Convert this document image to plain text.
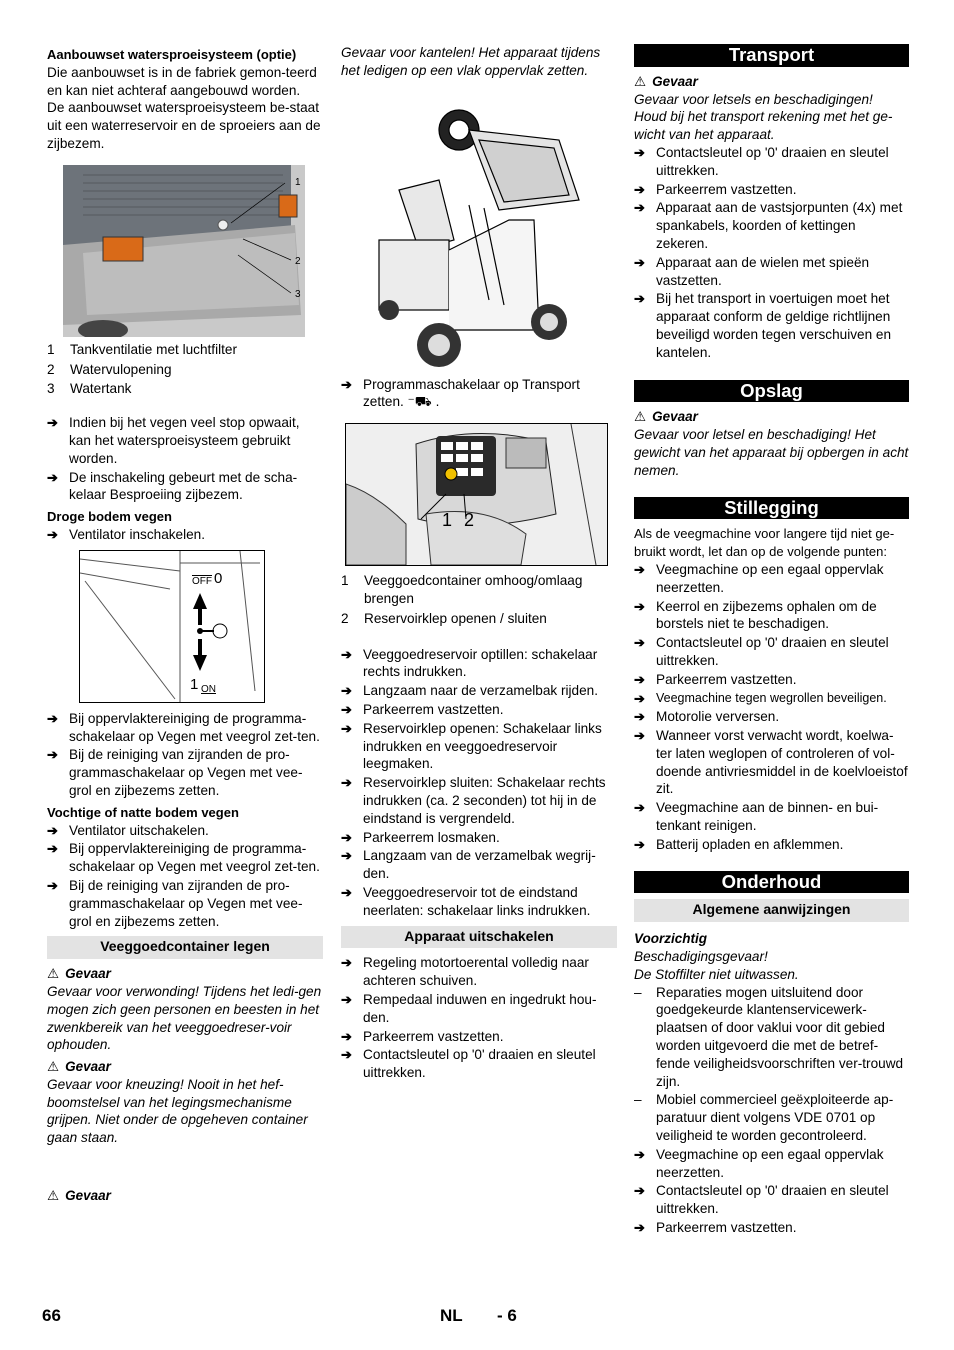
Aanbouwset watersproeisysteem (optie)

Die aanbouwset is in de fabriek gemon-teerd en kan niet achteraf aangebouwd worden.

De aanbouwset watersproeisysteem be-staat uit een waterreservoir en de sproeiers aan de zijbezem.

1
2
3
1	Tankventilatie met luchtfilter
2	Watervulopening
3	Watertank
➔ Indien bij het vegen veel stop opwaait, kan het watersproeisysteem gebruikt worden.
➔ De inschakeling gebeurt met de scha-kelaar Besproeiing zijbezem.
Droge bodem vegen
➔ Ventilator inschakelen.
$\overline{OFF}$ 0
1 ON
➔ Bij oppervlaktereiniging de programma-schakelaar op Vegen met veegrol zet-ten.
➔ Bij de reiniging van zijranden de pro-grammaschakelaar op Vegen met vee-grol en zijbezems zetten.
Vochtige of natte bodem vegen
➔ Ventilator uitschakelen.
➔ Bij oppervlaktereiniging de programma-schakelaar op Vegen met veegrol zet-ten.
➔ Bij de reiniging van zijranden de pro-grammaschakelaar op Vegen met vee-grol en zijbezems zetten.
Veeggoedcontainer legen
⚠ Gevaar

Gevaar voor verwonding! Tijdens het ledi-gen mogen zich geen personen en beesten in het zwenkbereik van het veeggoedreser-voir ophouden.

⚠ Gevaar

Gevaar voor kneuzing! Nooit in het hef-boomstelsel van het legingsmechanisme grijpen. Niet onder de opgeheven container gaan staan.

⚠ Gevaar

Gevaar voor kantelen! Het apparaat tijdens het ledigen op een vlak oppervlak zetten.

➔ Programmaschakelaar op Transport zetten. ⁻⛟ .
1 2
1	Veeggoedcontainer omhoog/omlaag brengen
2	Reservoirklep openen / sluiten
➔ Veeggoedreservoir optillen: schakelaar rechts indrukken.
➔ Langzaam naar de verzamelbak rijden.
➔ Parkeerrem vastzetten.
➔ Reservoirklep openen: Schakelaar links indrukken en veeggoedreservoir leegmaken.
➔ Reservoirklep sluiten: Schakelaar rechts indrukken (ca. 2 seconden) tot hij in de eindstand is vergrendeld.
➔ Parkeerrem losmaken.
➔ Langzaam van de verzamelbak wegrij-den.
➔ Veeggoedreservoir tot de eindstand neerlaten: schakelaar links indrukken.
Apparaat uitschakelen
➔ Regeling motortoerental volledig naar achteren schuiven.
➔ Rempedaal induwen en ingedrukt hou-den.
➔ Parkeerrem vastzetten.
➔ Contactsleutel op '0' draaien en sleutel uittrekken.
Transport
⚠ Gevaar

Gevaar voor letsels en beschadigingen! Houd bij het transport rekening met het ge-wicht van het apparaat.

➔ Contactsleutel op '0' draaien en sleutel uittrekken.
➔ Parkeerrem vastzetten.
➔ Apparaat aan de vastsjorpunten (4x) met spankabels, koorden of kettingen zekeren.
➔ Apparaat aan de wielen met spieën vastzetten.
➔ Bij het transport in voertuigen moet het apparaat conform de geldige richtlijnen beveiligd worden tegen verschuiven en kantelen.
Opslag
⚠ Gevaar

Gevaar voor letsel en beschadiging! Het gewicht van het apparaat bij opbergen in acht nemen.

Stillegging

Als de veegmachine voor langere tijd niet ge-bruikt wordt, let dan op de volgende punten:

➔ Veegmachine op een egaal oppervlak neerzetten.
➔ Keerrol en zijbezems ophalen om de borstels niet te beschadigen.
➔ Contactsleutel op '0' draaien en sleutel uittrekken.
➔ Parkeerrem vastzetten.
➔ Veegmachine tegen wegrollen beveiligen.
➔ Motorolie verversen.
➔ Wanneer vorst verwacht wordt, koelwa-ter laten weglopen of controleren of vol-doende antivriesmiddel in de koelvloeistof zit.
➔ Veegmachine aan de binnen- en bui-tenkant reinigen.
➔ Batterij opladen en afklemmen.
Onderhoud
Algemene aanwijzingen
Voorzichtig

Beschadigingsgevaar!

De Stoffilter niet uitwassen.

–	Reparaties mogen uitsluitend door goedgekeurde klantenservicewerk-plaatsen of door vaklui voor dit gebied worden uitgevoerd die met de betref-fende veiligheidsvoorschriften ver-trouwd zijn.
–	Mobiel commercieel geëxploiteerde ap-paratuur dient volgens VDE 0701 op veiligheid te worden gecontroleerd.
➔ Veegmachine op een egaal oppervlak neerzetten.
➔ Contactsleutel op '0' draaien en sleutel uittrekken.
➔ Parkeerrem vastzetten.
66	NL - 6
